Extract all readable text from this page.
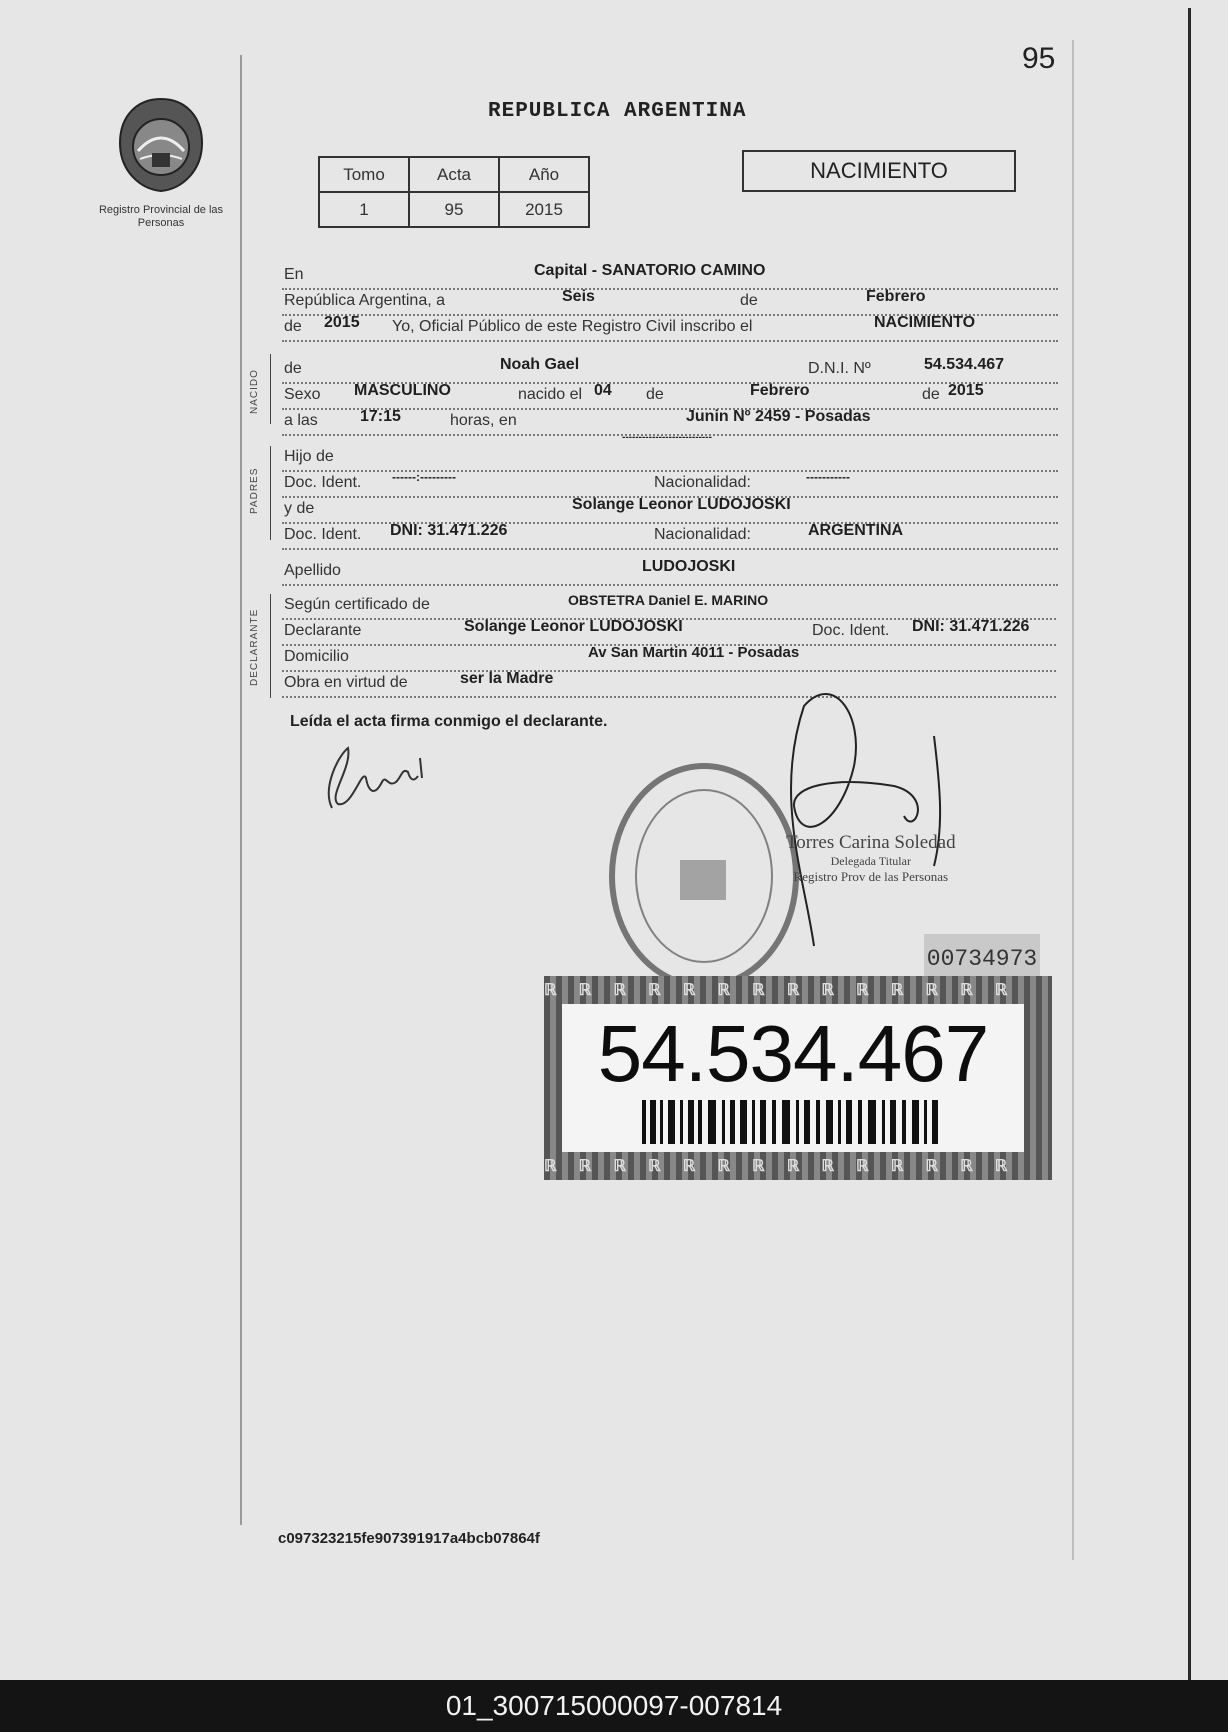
95
Registro Provincial de las Personas
REPUBLICA ARGENTINA
Tomo	Acta	Año
1	95	2015
NACIMIENTO
En	Capital - SANATORIO CAMINO
República Argentina, a	Seis	de	Febrero
de 2015 Yo, Oficial Público de este Registro Civil inscribo el	NACIMIENTO
NACIDO
de	Noah Gael	D.N.I. Nº	54.534.467
Sexo MASCULINO	nacido el 04 de	Febrero	de 2015
a las	17:15	horas, en	Junin Nº 2459 - Posadas
PADRES
Hijo de
---------------------------
Doc. Ident.	------:---------	Nacionalidad:	-----------
y de	Solange Leonor LUDOJOSKI
Doc. Ident. DNI: 31.471.226	Nacionalidad:	ARGENTINA
Apellido	LUDOJOSKI
DECLARANTE
Según certificado de	OBSTETRA Daniel E. MARINO
Declarante	Solange Leonor LUDOJOSKI	Doc. Ident. DNI: 31.471.226
Domicilio	Av San Martin 4011 - Posadas
Obra en virtud de	ser la Madre
Leída el acta firma conmigo el declarante.
Torres Carina Soledad
Delegada Titular
Registro Prov de las Personas
00734973
ℝℝℝℝℝℝℝℝℝℝℝℝℝℝ
54.534.467
ℝℝℝℝℝℝℝℝℝℝℝℝℝℝ
c097323215fe907391917a4bcb07864f
01_300715000097-007814
